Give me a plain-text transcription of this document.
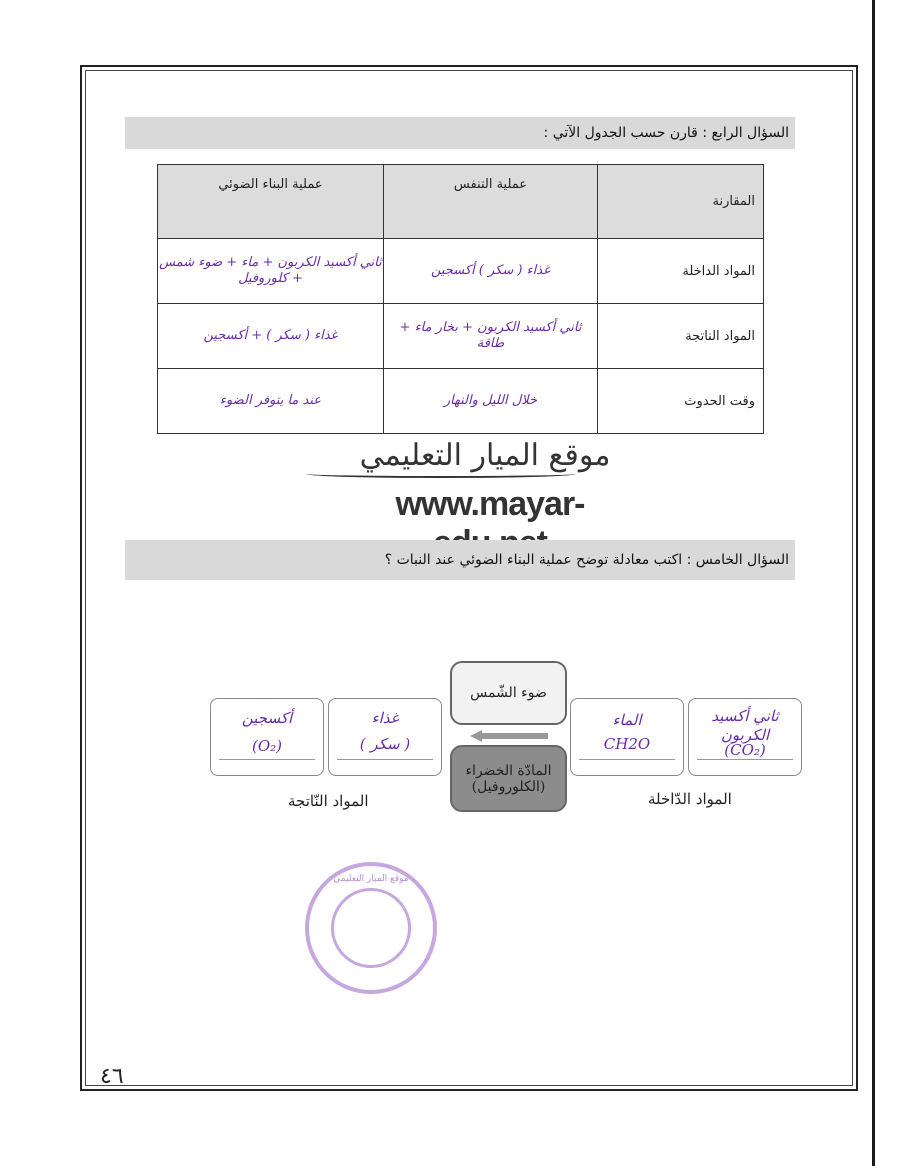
السؤال الرابع : قارن حسب الجدول الآتي :
المقارنة	عملية التنفس	عملية البناء الضوئي
المواد الداخلة	غذاء ( سكر ) أكسجين	ثاني أكسيد الكربون + ماء + ضوء شمس + كلوروفيل
المواد الناتجة	ثاني أكسيد الكربون + بخار ماء + طاقة	غذاء ( سكر ) + أكسجين
وقت الحدوث	خلال الليل والنهار	عند ما يتوفر الضوء
موقع الميار التعليمي
www.mayar-
السؤال الخامس : اكتب معادلة توضح عملية البناء الضوئي عند النبات ؟
ضوء الشّمس
المادّة الخضراء
(الكلوروفيل)
ثاني أكسيد الكربون
(CO₂)
الماء
CH2O
غذاء
( سكر )
أكسجين
(O₂)
المواد الدّاخلة
المواد النّاتجة
موقع الميار التعليمي
٤٦
